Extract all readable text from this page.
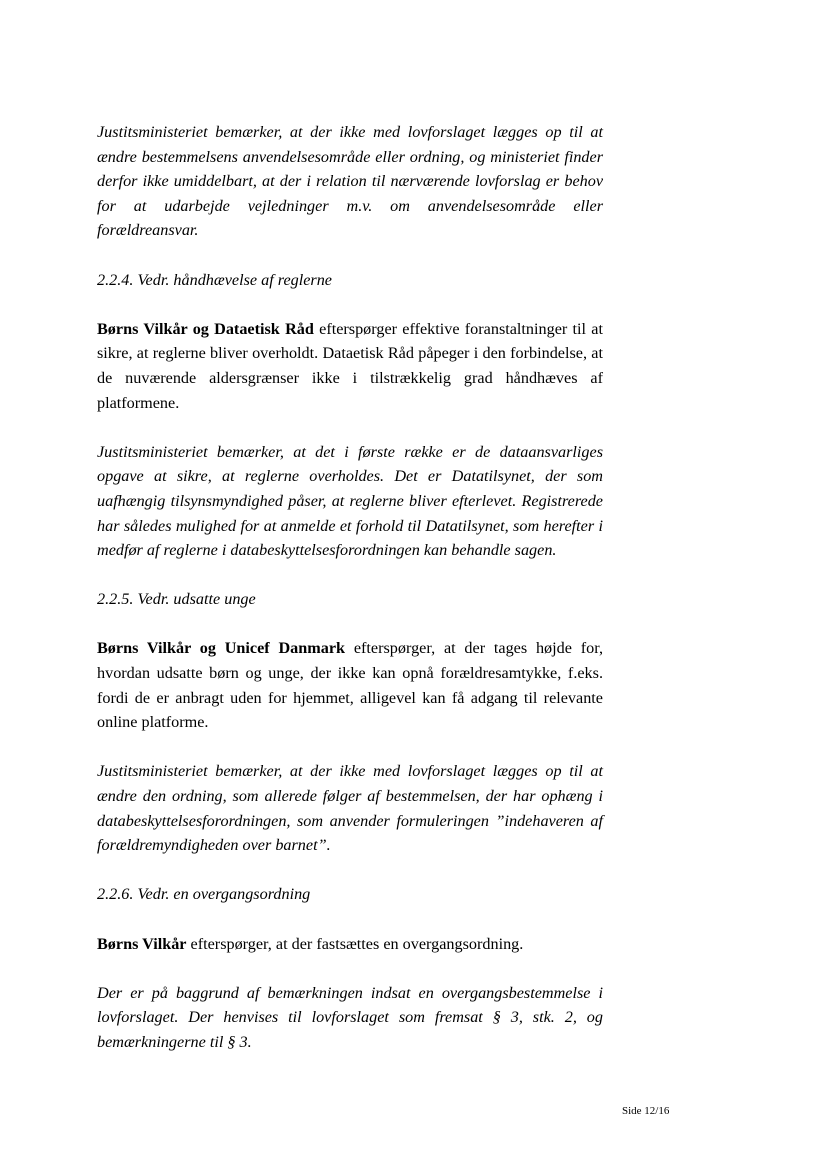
Justitsministeriet bemærker, at der ikke med lovforslaget lægges op til at ændre bestemmelsens anvendelsesområde eller ordning, og ministeriet finder derfor ikke umiddelbart, at der i relation til nærværende lovforslag er behov for at udarbejde vejledninger m.v. om anvendelsesområde eller forældreansvar.

2.2.4. Vedr. håndhævelse af reglerne

Børns Vilkår og Dataetisk Råd efterspørger effektive foranstaltninger til at sikre, at reglerne bliver overholdt. Dataetisk Råd påpeger i den forbindelse, at de nuværende aldersgrænser ikke i tilstrækkelig grad håndhæves af platformene.

Justitsministeriet bemærker, at det i første række er de dataansvarliges opgave at sikre, at reglerne overholdes. Det er Datatilsynet, der som uafhængig tilsynsmyndighed påser, at reglerne bliver efterlevet. Registrerede har således mulighed for at anmelde et forhold til Datatilsynet, som herefter i medfør af reglerne i databeskyttelsesforordningen kan behandle sagen.

2.2.5. Vedr. udsatte unge

Børns Vilkår og Unicef Danmark efterspørger, at der tages højde for, hvordan udsatte børn og unge, der ikke kan opnå forældresamtykke, f.eks. fordi de er anbragt uden for hjemmet, alligevel kan få adgang til relevante online platforme.

Justitsministeriet bemærker, at der ikke med lovforslaget lægges op til at ændre den ordning, som allerede følger af bestemmelsen, der har ophæng i databeskyttelsesforordningen, som anvender formuleringen ”indehaveren af forældremyndigheden over barnet”.

2.2.6. Vedr. en overgangsordning

Børns Vilkår efterspørger, at der fastsættes en overgangsordning.

Der er på baggrund af bemærkningen indsat en overgangsbestemmelse i lovforslaget. Der henvises til lovforslaget som fremsat § 3, stk. 2, og bemærkningerne til § 3.

Side 12/16
